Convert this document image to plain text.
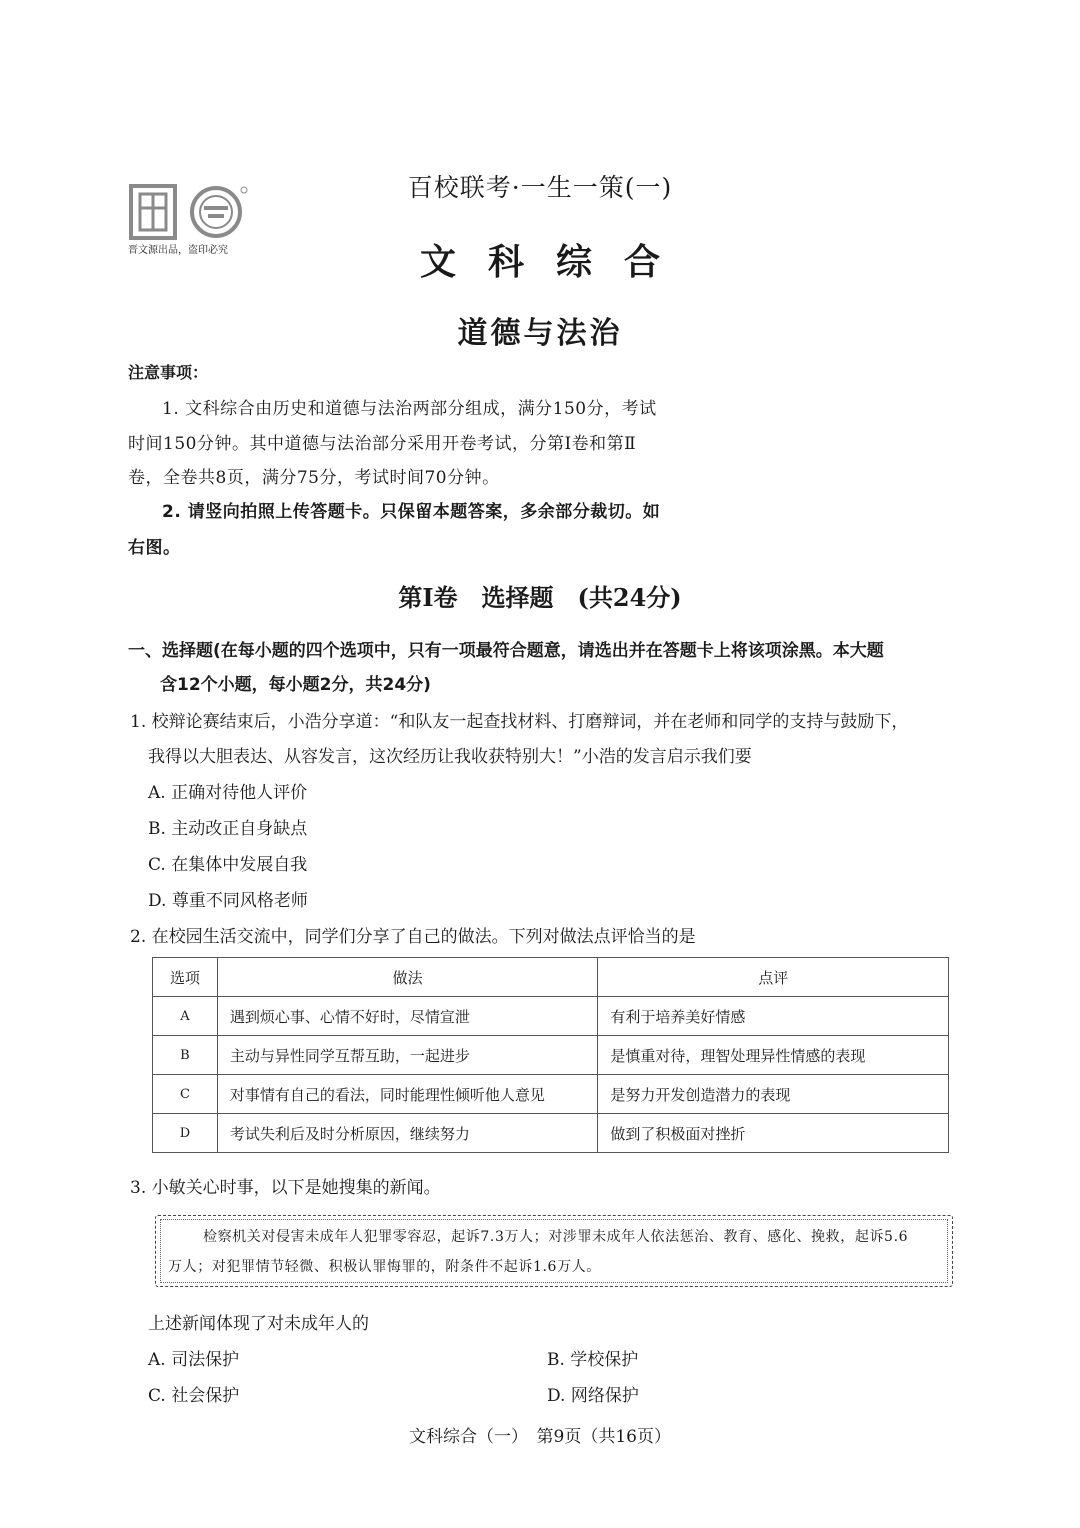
晋文源出品，盗印必究
百校联考·一生一策(一)
文科综合
道德与法治
注意事项：
1. 文科综合由历史和道德与法治两部分组成，满分150分，考试
时间150分钟。其中道德与法治部分采用开卷考试，分第Ⅰ卷和第Ⅱ
卷，全卷共8页，满分75分，考试时间70分钟。
2. 请竖向拍照上传答题卡。只保留本题答案，多余部分裁切。如
右图。
第Ⅰ卷　选择题　(共24分)
一、选择题(在每小题的四个选项中，只有一项最符合题意，请选出并在答题卡上将该项涂黑。本大题
含12个小题，每小题2分，共24分)
1. 校辩论赛结束后，小浩分享道：“和队友一起查找材料、打磨辩词，并在老师和同学的支持与鼓励下，
我得以大胆表达、从容发言，这次经历让我收获特别大！”小浩的发言启示我们要
A. 正确对待他人评价
B. 主动改正自身缺点
C. 在集体中发展自我
D. 尊重不同风格老师
2. 在校园生活交流中，同学们分享了自己的做法。下列对做法点评恰当的是
选项	做法	点评
A	遇到烦心事、心情不好时，尽情宣泄	有利于培养美好情感
B	主动与异性同学互帮互助，一起进步	是慎重对待，理智处理异性情感的表现
C	对事情有自己的看法，同时能理性倾听他人意见	是努力开发创造潜力的表现
D	考试失利后及时分析原因，继续努力	做到了积极面对挫折
3. 小敏关心时事，以下是她搜集的新闻。
检察机关对侵害未成年人犯罪零容忍，起诉7.3万人；对涉罪未成年人依法惩治、教育、感化、挽救，起诉5.6
万人；对犯罪情节轻微、积极认罪悔罪的，附条件不起诉1.6万人。
上述新闻体现了对未成年人的
A. 司法保护	B. 学校保护
C. 社会保护	D. 网络保护
文科综合（一）　第9页（共16页）
